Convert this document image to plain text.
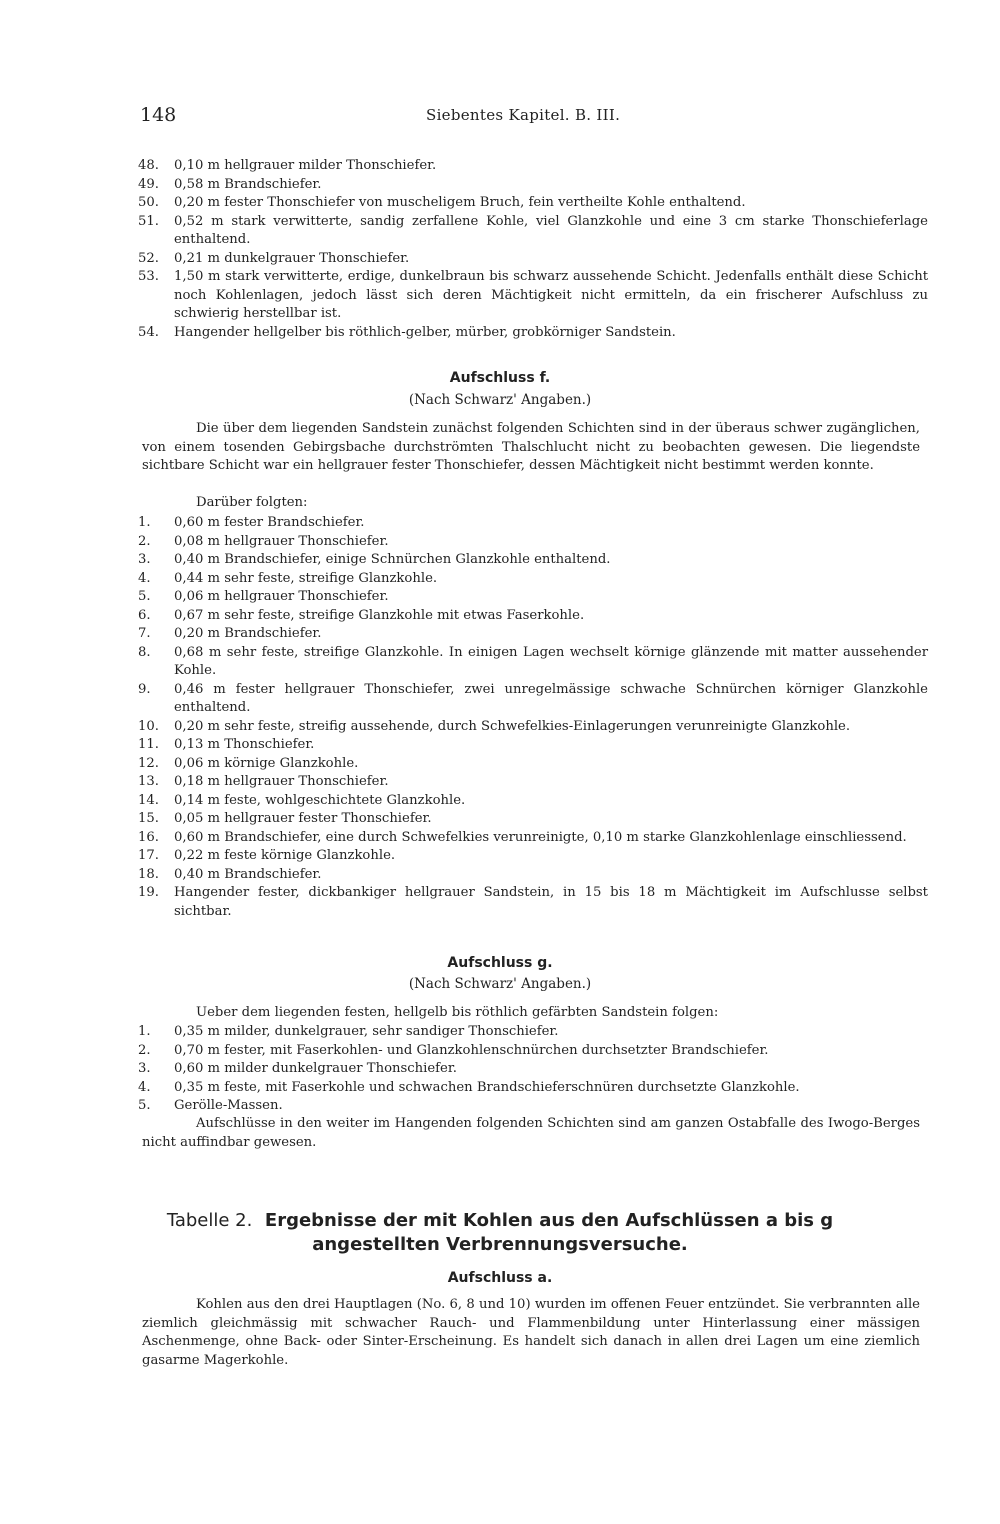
148	Siebentes Kapitel. B. III.
48.	0,10 m hellgrauer milder Thonschiefer.
49.	0,58 m Brandschiefer.
50.	0,20 m fester Thonschiefer von muscheligem Bruch, fein vertheilte Kohle enthaltend.
51.	0,52 m stark verwitterte, sandig zerfallene Kohle, viel Glanzkohle und eine 3 cm starke Thonschieferlage enthaltend.
52.	0,21 m dunkelgrauer Thonschiefer.
53.	1,50 m stark verwitterte, erdige, dunkelbraun bis schwarz aussehende Schicht. Jedenfalls enthält diese Schicht noch Kohlenlagen, jedoch lässt sich deren Mächtigkeit nicht ermitteln, da ein frischerer Aufschluss zu schwierig herstellbar ist.
54.	Hangender hellgelber bis röthlich-gelber, mürber, grobkörniger Sandstein.
Aufschluss f.
(Nach Schwarz' Angaben.)
Die über dem liegenden Sandstein zunächst folgenden Schichten sind in der überaus schwer zugänglichen, von einem tosenden Gebirgsbache durchströmten Thalschlucht nicht zu beobachten gewesen. Die liegendste sichtbare Schicht war ein hellgrauer fester Thonschiefer, dessen Mächtigkeit nicht bestimmt werden konnte.
Darüber folgten:
1.	0,60 m fester Brandschiefer.
2.	0,08 m hellgrauer Thonschiefer.
3.	0,40 m Brandschiefer, einige Schnürchen Glanzkohle enthaltend.
4.	0,44 m sehr feste, streifige Glanzkohle.
5.	0,06 m hellgrauer Thonschiefer.
6.	0,67 m sehr feste, streifige Glanzkohle mit etwas Faserkohle.
7.	0,20 m Brandschiefer.
8.	0,68 m sehr feste, streifige Glanzkohle. In einigen Lagen wechselt körnige glänzende mit matter aussehender Kohle.
9.	0,46 m fester hellgrauer Thonschiefer, zwei unregelmässige schwache Schnürchen körniger Glanzkohle enthaltend.
10.	0,20 m sehr feste, streifig aussehende, durch Schwefelkies-Einlagerungen verunreinigte Glanzkohle.
11.	0,13 m Thonschiefer.
12.	0,06 m körnige Glanzkohle.
13.	0,18 m hellgrauer Thonschiefer.
14.	0,14 m feste, wohlgeschichtete Glanzkohle.
15.	0,05 m hellgrauer fester Thonschiefer.
16.	0,60 m Brandschiefer, eine durch Schwefelkies verunreinigte, 0,10 m starke Glanzkohlenlage einschliessend.
17.	0,22 m feste körnige Glanzkohle.
18.	0,40 m Brandschiefer.
19.	Hangender fester, dickbankiger hellgrauer Sandstein, in 15 bis 18 m Mächtigkeit im Aufschlusse selbst sichtbar.
Aufschluss g.
(Nach Schwarz' Angaben.)
Ueber dem liegenden festen, hellgelb bis röthlich gefärbten Sandstein folgen:
1.	0,35 m milder, dunkelgrauer, sehr sandiger Thonschiefer.
2.	0,70 m fester, mit Faserkohlen- und Glanzkohlenschnürchen durchsetzter Brandschiefer.
3.	0,60 m milder dunkelgrauer Thonschiefer.
4.	0,35 m feste, mit Faserkohle und schwachen Brandschieferschnüren durchsetzte Glanzkohle.
5.	Gerölle-Massen.
Aufschlüsse in den weiter im Hangenden folgenden Schichten sind am ganzen Ostabfalle des Iwogo-Berges nicht auffindbar gewesen.
Tabelle 2. Ergebnisse der mit Kohlen aus den Aufschlüssen a bis g
angestellten Verbrennungsversuche.
Aufschluss a.
Kohlen aus den drei Hauptlagen (No. 6, 8 und 10) wurden im offenen Feuer entzündet. Sie verbrannten alle ziemlich gleichmässig mit schwacher Rauch- und Flammenbildung unter Hinterlassung einer mässigen Aschenmenge, ohne Back- oder Sinter-Erscheinung. Es handelt sich danach in allen drei Lagen um eine ziemlich gasarme Magerkohle.
